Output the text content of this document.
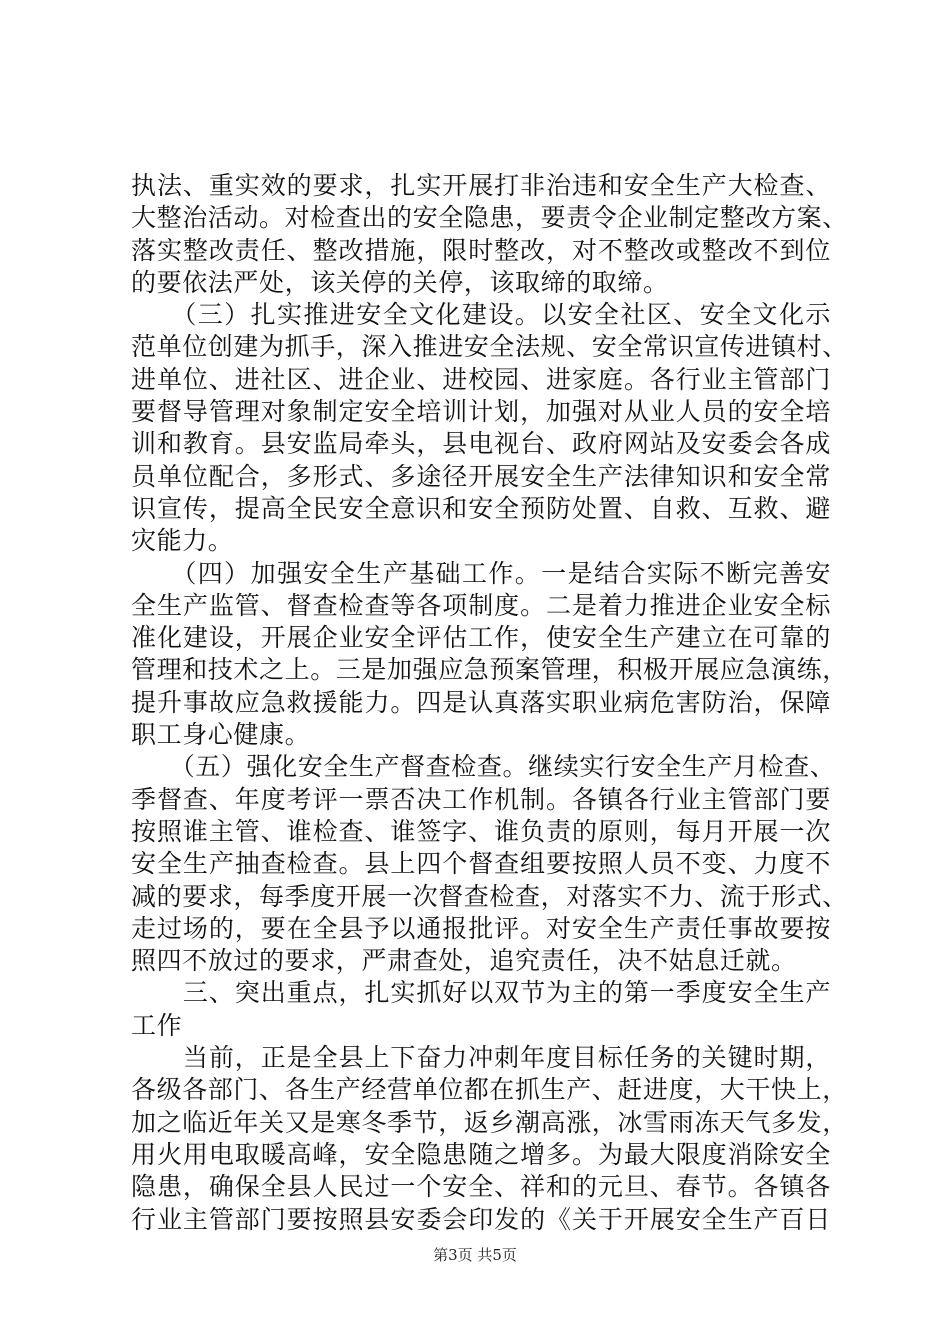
执法、重实效的要求，扎实开展打非治违和安全生产大检查、
大整治活动。对检查出的安全隐患，要责令企业制定整改方案、
落实整改责任、整改措施，限时整改，对不整改或整改不到位
的要依法严处，该关停的关停，该取缔的取缔。
　　（三）扎实推进安全文化建设。以安全社区、安全文化示
范单位创建为抓手，深入推进安全法规、安全常识宣传进镇村、
进单位、进社区、进企业、进校园、进家庭。各行业主管部门
要督导管理对象制定安全培训计划，加强对从业人员的安全培
训和教育。县安监局牵头，县电视台、政府网站及安委会各成
员单位配合，多形式、多途径开展安全生产法律知识和安全常
识宣传，提高全民安全意识和安全预防处置、自救、互救、避
灾能力。
　　（四）加强安全生产基础工作。一是结合实际不断完善安
全生产监管、督查检查等各项制度。二是着力推进企业安全标
准化建设，开展企业安全评估工作，使安全生产建立在可靠的
管理和技术之上。三是加强应急预案管理，积极开展应急演练，
提升事故应急救援能力。四是认真落实职业病危害防治，保障
职工身心健康。
　　（五）强化安全生产督查检查。继续实行安全生产月检查、
季督查、年度考评一票否决工作机制。各镇各行业主管部门要
按照谁主管、谁检查、谁签字、谁负责的原则，每月开展一次
安全生产抽查检查。县上四个督查组要按照人员不变、力度不
减的要求，每季度开展一次督查检查，对落实不力、流于形式、
走过场的，要在全县予以通报批评。对安全生产责任事故要按
照四不放过的要求，严肃查处，追究责任，决不姑息迁就。
　　三、突出重点，扎实抓好以双节为主的第一季度安全生产
工作
　　当前，正是全县上下奋力冲刺年度目标任务的关键时期，
各级各部门、各生产经营单位都在抓生产、赶进度，大干快上，
加之临近年关又是寒冬季节，返乡潮高涨，冰雪雨冻天气多发，
用火用电取暖高峰，安全隐患随之增多。为最大限度消除安全
隐患，确保全县人民过一个安全、祥和的元旦、春节。各镇各
行业主管部门要按照县安委会印发的《关于开展安全生产百日
第3页 共5页
